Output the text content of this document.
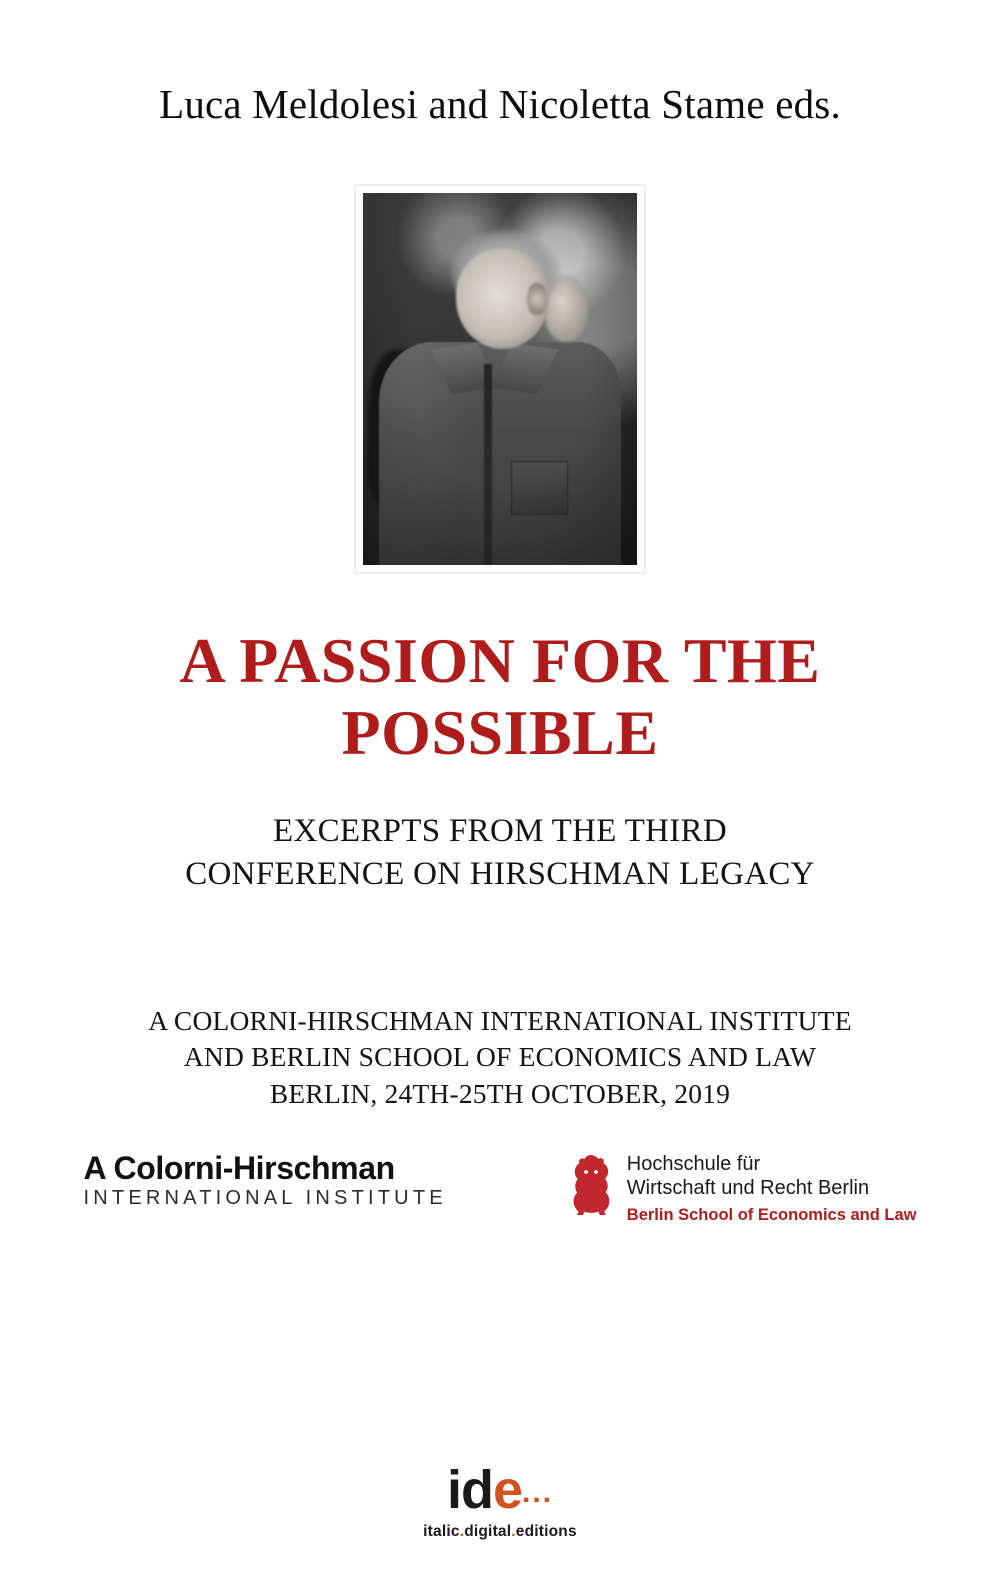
Luca Meldolesi and Nicoletta Stame eds.
A PASSION FOR THE
POSSIBLE
EXCERPTS FROM THE THIRD
CONFERENCE ON HIRSCHMAN LEGACY
A COLORNI-HIRSCHMAN INTERNATIONAL INSTITUTE
AND BERLIN SCHOOL OF ECONOMICS AND LAW
BERLIN, 24TH-25TH OCTOBER, 2019
A Colorni-Hirschman
INTERNATIONAL INSTITUTE
Hochschule für
Wirtschaft und Recht Berlin
Berlin School of Economics and Law
ide...
italic.digital.editions
